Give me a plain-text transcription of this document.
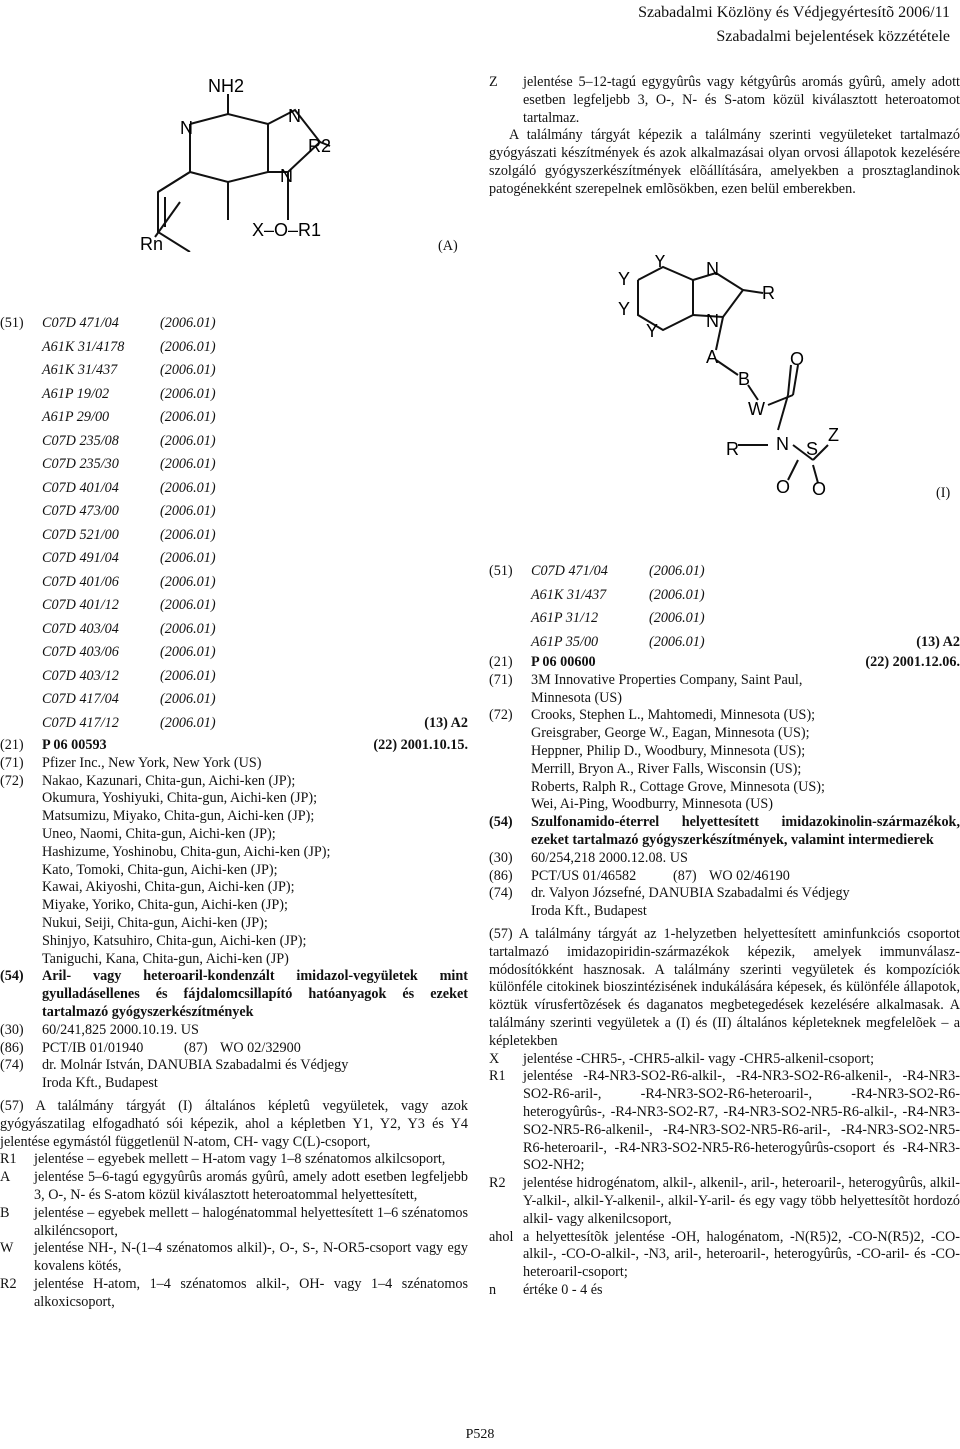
Szabadalmi Közlöny és Védjegyértesítõ 2006/11
Szabadalmi bejelentések közzététele
NH2
N
N
N
R2
X–O–R1
Rn	(A)
Y
Y N
R
Y
Y	N
A
B
W
O
R N S
Z
O O	(I)
(51)	C07D 471/04	(2006.01)
A61K 31/4178	(2006.01)
A61K 31/437	(2006.01)
A61P 19/02	(2006.01)
A61P 29/00	(2006.01)
C07D 235/08	(2006.01)
C07D 235/30	(2006.01)
C07D 401/04	(2006.01)
C07D 473/00	(2006.01)
C07D 521/00	(2006.01)
C07D 491/04	(2006.01)
C07D 401/06	(2006.01)
C07D 401/12	(2006.01)
C07D 403/04	(2006.01)
C07D 403/06	(2006.01)
C07D 403/12	(2006.01)
C07D 417/04	(2006.01)
C07D 417/12	(2006.01)	(13) A2
(21)	P 06 00593	(22) 2001.10.15.
(71)	Pfizer Inc., New York, New York (US)
(72)	Nakao, Kazunari, Chita-gun, Aichi-ken (JP);
Okumura, Yoshiyuki, Chita-gun, Aichi-ken (JP);
Matsumizu, Miyako, Chita-gun, Aichi-ken (JP);
Uneo, Naomi, Chita-gun, Aichi-ken (JP);
Hashizume, Yoshinobu, Chita-gun, Aichi-ken (JP);
Kato, Tomoki, Chita-gun, Aichi-ken (JP);
Kawai, Akiyoshi, Chita-gun, Aichi-ken (JP);
Miyake, Yoriko, Chita-gun, Aichi-ken (JP);
Nukui, Seiji, Chita-gun, Aichi-ken (JP);
Shinjyo, Katsuhiro, Chita-gun, Aichi-ken (JP);
Taniguchi, Kana, Chita-gun, Aichi-ken (JP)
(54)	Aril- vagy heteroaril-kondenzált imidazol-vegyületek mint gyulladásellenes és fájdalomcsillapító hatóanyagok és ezeket tartalmazó gyógyszerkészítmények
(30)	60/241,825 2000.10.19. US
(86)	PCT/IB 01/01940	(87) WO 02/32900
(74)	dr. Molnár István, DANUBIA Szabadalmi és Védjegy
Iroda Kft., Budapest
(57) A találmány tárgyát (I) általános képletû vegyületek, vagy azok gyógyászatilag elfogadható sói képezik, ahol a képletben Y1, Y2, Y3 és Y4 jelentése egymástól függetlenül N-atom, CH- vagy C(L)-csoport,
R1	jelentése – egyebek mellett – H-atom vagy 1–8 szénatomos alkilcsoport,
A	jelentése 5–6-tagú egygyûrûs aromás gyûrû, amely adott esetben legfeljebb 3, O-, N- és S-atom közül kiválasztott heteroatommal helyettesített,
B	jelentése – egyebek mellett – halogénatommal helyettesített 1–6 szénatomos alkiléncsoport,
W	jelentése NH-, N-(1–4 szénatomos alkil)-, O-, S-, N-OR5-csoport vagy egy kovalens kötés,
R2	jelentése H-atom, 1–4 szénatomos alkil-, OH- vagy 1–4 szénatomos alkoxicsoport,
Z	jelentése 5–12-tagú egygyûrûs vagy kétgyûrûs aromás gyûrû, amely adott esetben legfeljebb 3, O-, N- és S-atom közül kiválasztott heteroatomot tartalmaz.
A találmány tárgyát képezik a találmány szerinti vegyületeket tartalmazó gyógyászati készítmények és azok alkalmazásai olyan orvosi állapotok kezelésére szolgáló gyógyszerkészítmények elõállítására, amelyekben a prosztaglandinok patogénekként szerepelnek emlõsökben, ezen belül emberekben.
(51)	C07D 471/04	(2006.01)
A61K 31/437	(2006.01)
A61P 31/12	(2006.01)
A61P 35/00	(2006.01)	(13) A2
(21)	P 06 00600	(22) 2001.12.06.
(71)	3M Innovative Properties Company, Saint Paul,
Minnesota (US)
(72)	Crooks, Stephen L., Mahtomedi, Minnesota (US);
Greisgraber, George W., Eagan, Minnesota (US);
Heppner, Philip D., Woodbury, Minnesota (US);
Merrill, Bryon A., River Falls, Wisconsin (US);
Roberts, Ralph R., Cottage Grove, Minnesota (US);
Wei, Ai-Ping, Woodburry, Minnesota (US)
(54)	Szulfonamido-éterrel helyettesített imidazokinolin-származékok, ezeket tartalmazó gyógyszerkészítmények, valamint intermedierek
(30)	60/254,218 2000.12.08. US
(86)	PCT/US 01/46582	(87) WO 02/46190
(74)	dr. Valyon Józsefné, DANUBIA Szabadalmi és Védjegy
Iroda Kft., Budapest
(57) A találmány tárgyát az 1-helyzetben helyettesített aminfunkciós csoportot tartalmazó imidazopiridin-származékok képezik, amelyek immunválasz-módosítókként hasznosak. A találmány szerinti vegyületek és kompozíciók különféle citokinek bioszintézisének indukálására képesek, és különféle állapotok, köztük vírusfertõzések és daganatos megbetegedések kezelésére alkalmasak. A találmány szerinti vegyületek a (I) és (II) általános képleteknek megfelelõek – a képletekben
X	jelentése -CHR5-, -CHR5-alkil- vagy -CHR5-alkenil-csoport;
R1	jelentése -R4-NR3-SO2-R6-alkil-, -R4-NR3-SO2-R6-alkenil-, -R4-NR3-SO2-R6-aril-, -R4-NR3-SO2-R6-heteroaril-, -R4-NR3-SO2-R6-heterogyûrûs-, -R4-NR3-SO2-R7, -R4-NR3-SO2-NR5-R6-alkil-, -R4-NR3-SO2-NR5-R6-alkenil-, -R4-NR3-SO2-NR5-R6-aril-, -R4-NR3-SO2-NR5-R6-heteroaril-, -R4-NR3-SO2-NR5-R6-heterogyûrûs-csoport és -R4-NR3-SO2-NH2;
R2	jelentése hidrogénatom, alkil-, alkenil-, aril-, heteroaril-, heterogyûrûs, alkil-Y-alkil-, alkil-Y-alkenil-, alkil-Y-aril- és egy vagy több helyettesítõt hordozó alkil- vagy alkenilcsoport,
ahol a helyettesítõk jelentése -OH, halogénatom, -N(R5)2, -CO-N(R5)2, -CO-alkil-, -CO-O-alkil-, -N3, aril-, heteroaril-, heterogyûrûs, -CO-aril- és -CO-heteroaril-csoport;
n	értéke 0 - 4 és
P528
